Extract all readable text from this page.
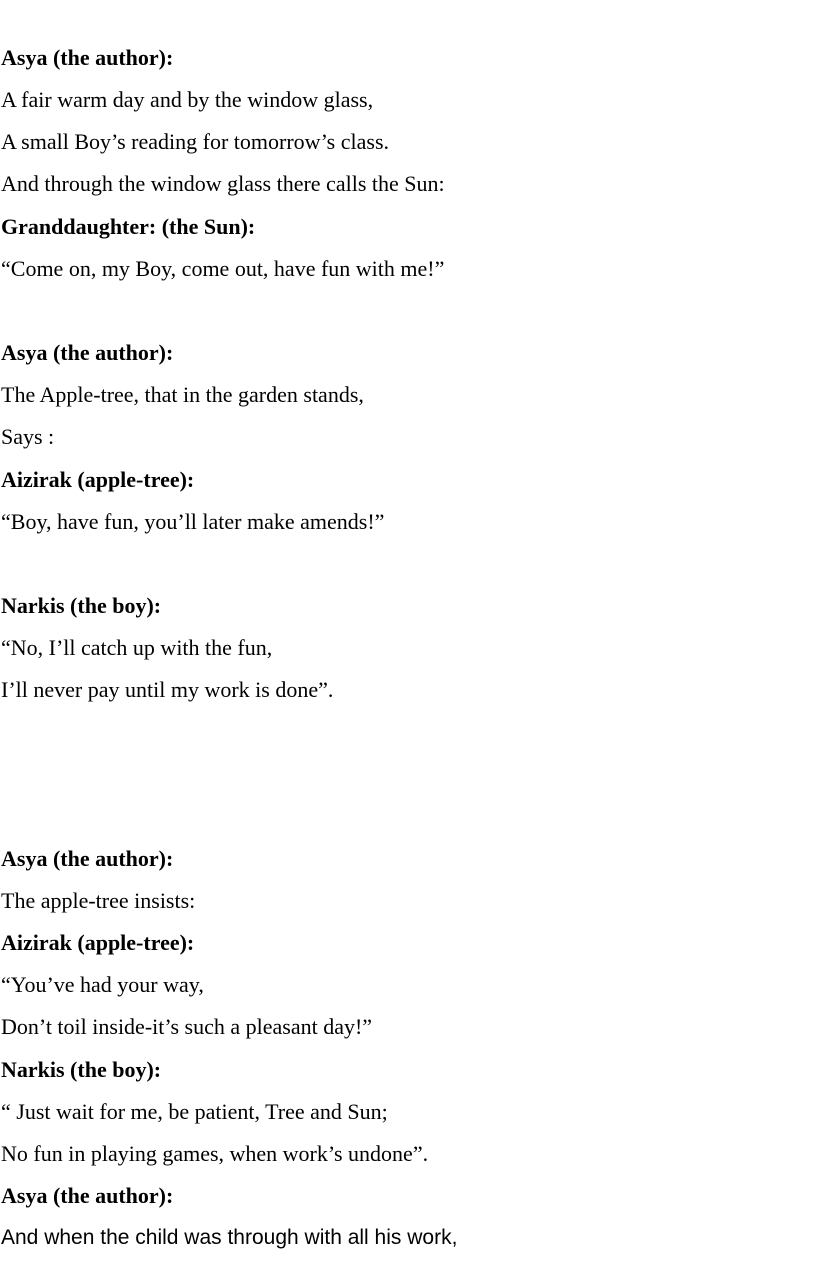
Asya (the author):

A fair warm day and by the window glass,

A small Boy’s reading for tomorrow’s class.

And through the window glass there calls the Sun:

Granddaughter: (the Sun):

“Come on, my Boy, come out, have fun with me!”

Asya (the author):

The Apple-tree, that in the garden stands,

Says :

Aizirak (apple-tree):

“Boy, have fun, you’ll later make amends!”

Narkis (the boy):

“No, I’ll catch up with the fun,

I’ll never pay until my work is done”.

Asya (the author):

The apple-tree insists:

Aizirak (apple-tree):

“You’ve had your way,

Don’t toil inside-it’s such a pleasant day!”

Narkis (the boy):

“ Just wait for me, be patient, Tree and Sun;

No fun in playing games, when work’s undone”.

Asya (the author):

And when the child was through with all his work,
